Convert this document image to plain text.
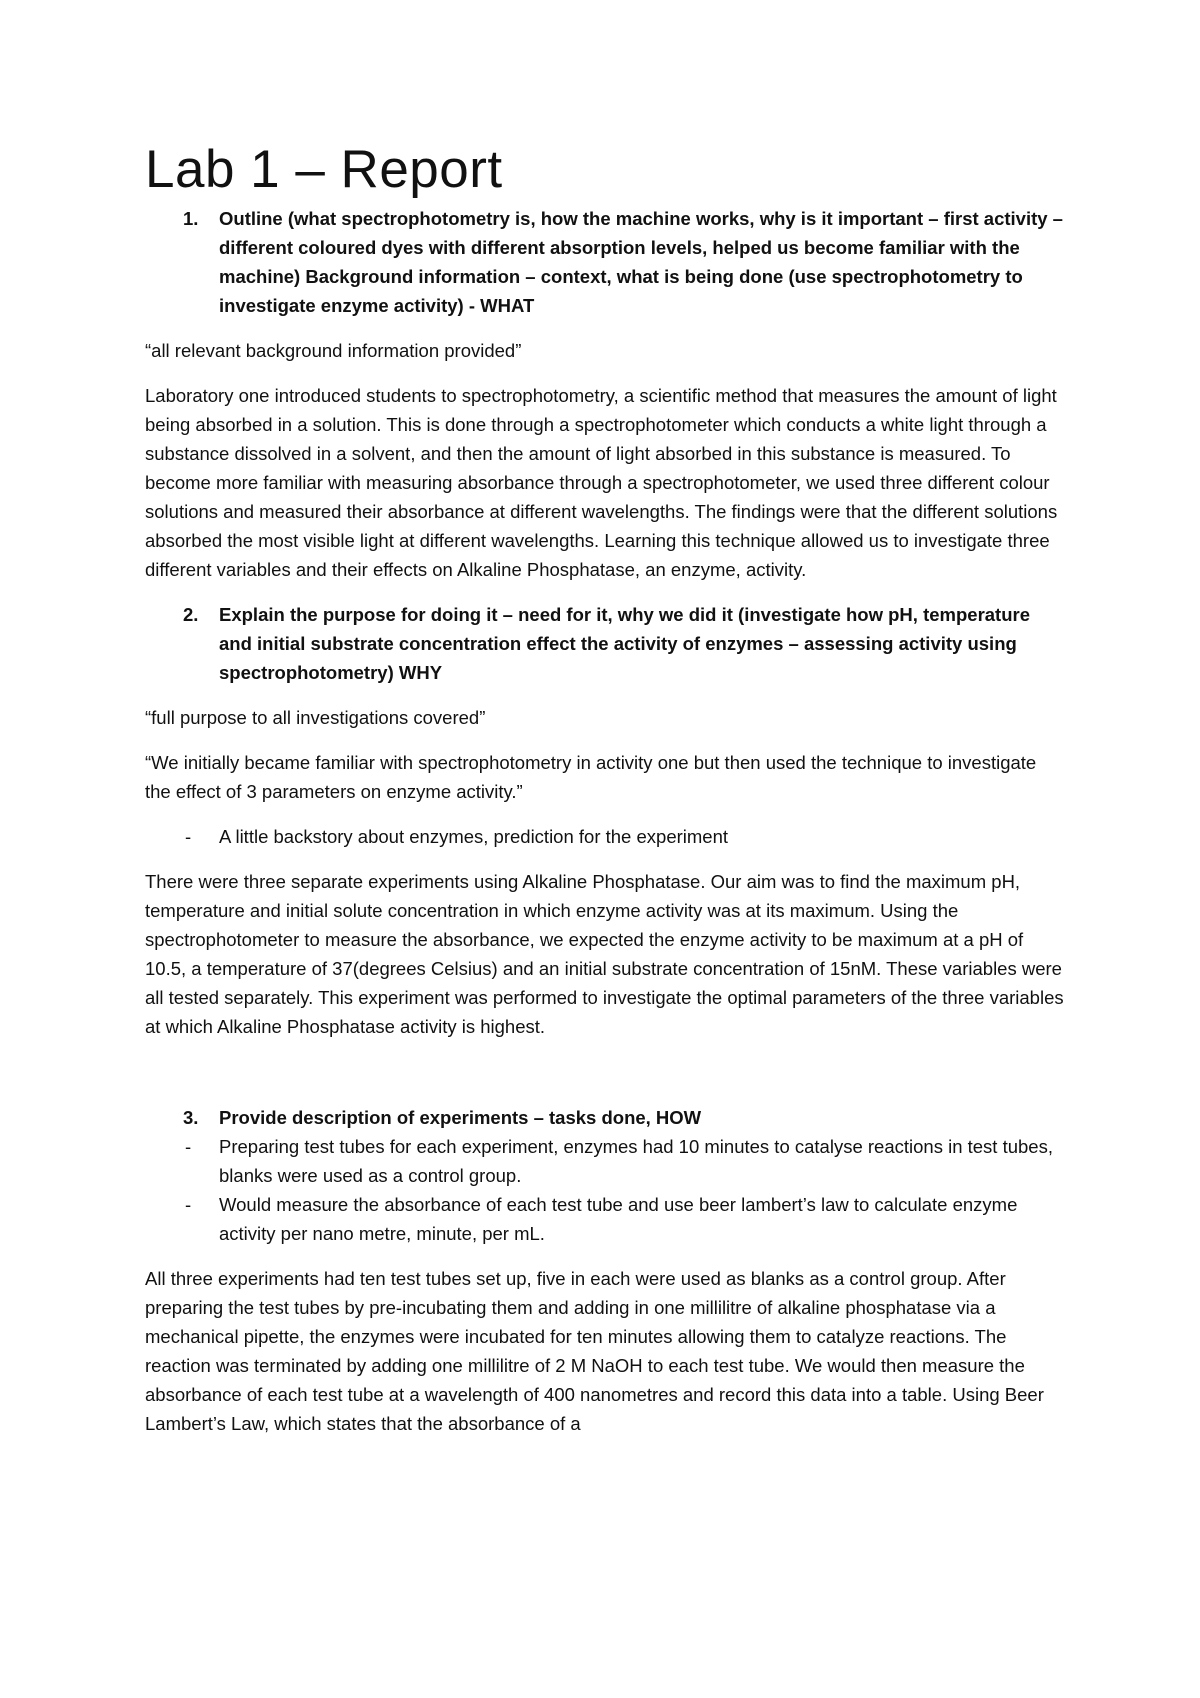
Lab 1 – Report
1. Outline (what spectrophotometry is, how the machine works, why is it important – first activity – different coloured dyes with different absorption levels, helped us become familiar with the machine) Background information – context, what is being done (use spectrophotometry to investigate enzyme activity) - WHAT

“all relevant background information provided”

Laboratory one introduced students to spectrophotometry, a scientific method that measures the amount of light being absorbed in a solution. This is done through a spectrophotometer which conducts a white light through a substance dissolved in a solvent, and then the amount of light absorbed in this substance is measured. To become more familiar with measuring absorbance through a spectrophotometer, we used three different colour solutions and measured their absorbance at different wavelengths. The findings were that the different solutions absorbed the most visible light at different wavelengths. Learning this technique allowed us to investigate three different variables and their effects on Alkaline Phosphatase, an enzyme, activity.

2. Explain the purpose for doing it – need for it, why we did it (investigate how pH, temperature and initial substrate concentration effect the activity of enzymes – assessing activity using spectrophotometry) WHY

“full purpose to all investigations covered”

“We initially became familiar with spectrophotometry in activity one but then used the technique to investigate the effect of 3 parameters on enzyme activity.”

- A little backstory about enzymes, prediction for the experiment

There were three separate experiments using Alkaline Phosphatase. Our aim was to find the maximum pH, temperature and initial solute concentration in which enzyme activity was at its maximum. Using the spectrophotometer to measure the absorbance, we expected the enzyme activity to be maximum at a pH of 10.5, a temperature of 37(degrees Celsius) and an initial substrate concentration of 15nM. These variables were all tested separately. This experiment was performed to investigate the optimal parameters of the three variables at which Alkaline Phosphatase activity is highest.

3. Provide description of experiments – tasks done, HOW
- Preparing test tubes for each experiment, enzymes had 10 minutes to catalyse reactions in test tubes, blanks were used as a control group.
- Would measure the absorbance of each test tube and use beer lambert’s law to calculate enzyme activity per nano metre, minute, per mL.

All three experiments had ten test tubes set up, five in each were used as blanks as a control group. After preparing the test tubes by pre-incubating them and adding in one millilitre of alkaline phosphatase via a mechanical pipette, the enzymes were incubated for ten minutes allowing them to catalyze reactions. The reaction was terminated by adding one millilitre of 2 M NaOH to each test tube. We would then measure the absorbance of each test tube at a wavelength of 400 nanometres and record this data into a table. Using Beer Lambert’s Law, which states that the absorbance of a
